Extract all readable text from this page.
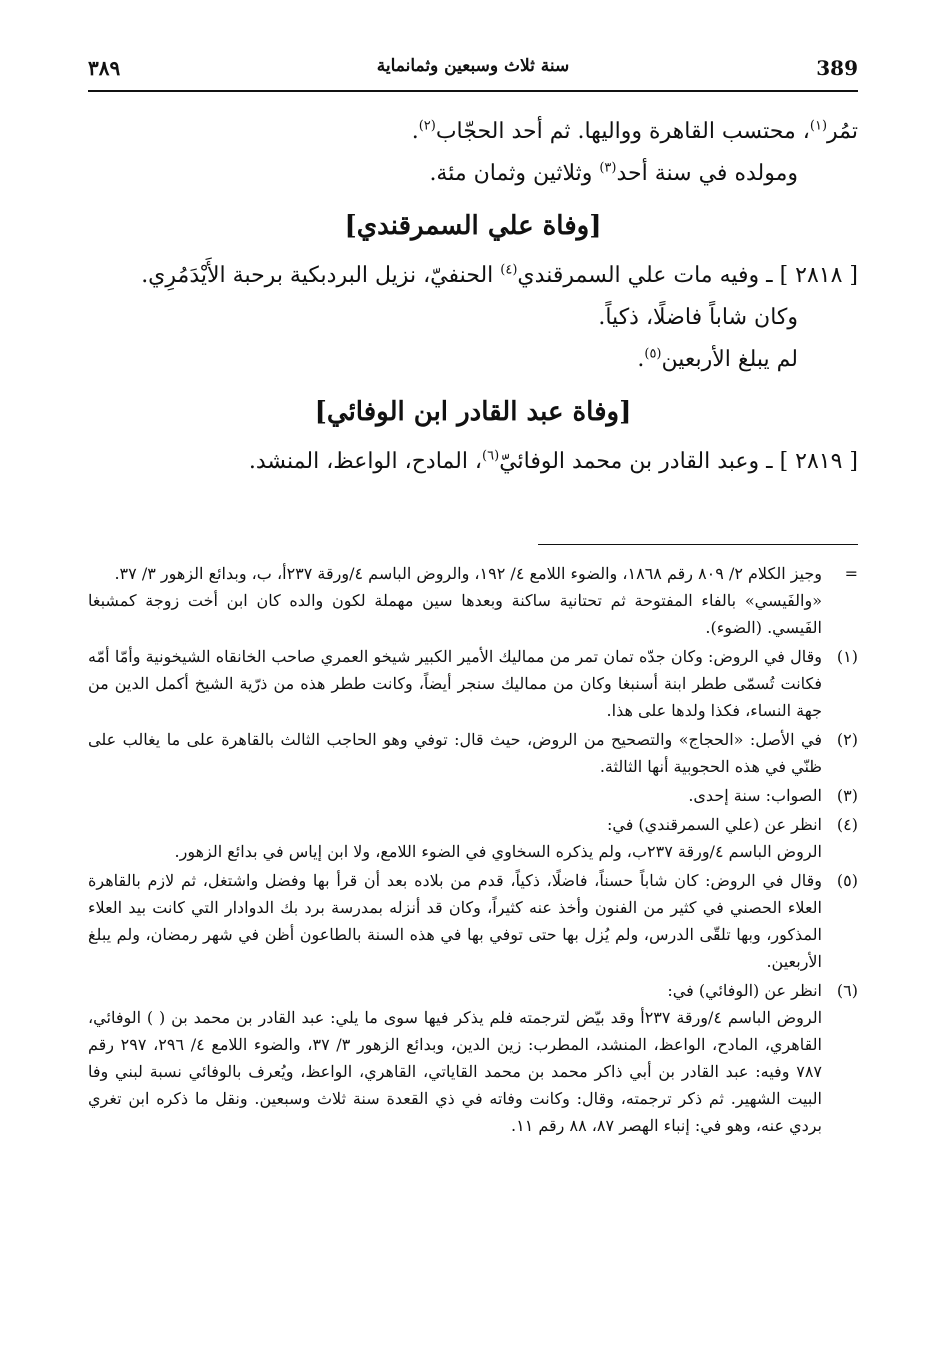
389
سنة ثلاث وسبعين وثمانماية
٣٨٩
تمُر$^{(١)}$، محتسب القاهرة وواليها. ثم أحد الحجّاب$^{(٢)}$.
ومولده في سنة أحد$^{(٣)}$ وثلاثين وثمان مئة.
[وفاة علي السمرقندي]
[ ٢٨١٨ ] ـ وفيه مات علي السمرقندي$^{(٤)}$ الحنفيّ، نزيل البردبكية برحبة الأَيْدَمُرِي.
وكان شاباً فاضلًا، ذكياً.
لم يبلغ الأربعين$^{(٥)}$.
[وفاة عبد القادر ابن الوفائي]
[ ٢٨١٩ ] ـ وعبد القادر بن محمد الوفائيّ$^{(٦)}$، المادح، الواعظ، المنشد.
=

وجيز الكلام ٢/ ٨٠٩ رقم ١٨٦٨، والضوء اللامع ٤/ ١٩٢، والروض الباسم ٤/ورقة ٢٣٧أ، ب، وبدائع الزهور ٣/ ٣٧.

«والفَيسي» بالفاء المفتوحة ثم تحتانية ساكنة وبعدها سين مهملة لكون والده كان ابن أخت زوجة كمشبغا الفَيسي. (الضوء).

(١)

وقال في الروض: وكان جدّه تمان تمر من مماليك الأمير الكبير شيخو العمري صاحب الخانقاه الشيخونية وأمّا أمّه فكانت تُسمّى ططر ابنة أسنبغا وكان من مماليك سنجر أيضاً، وكانت ططر هذه من ذرّية الشيخ أكمل الدين من جهة النساء، فكذا ولدها على هذا.

(٢)

في الأصل: «الحجاج» والتصحيح من الروض، حيث قال: توفي وهو الحاجب الثالث بالقاهرة على ما يغالب على ظنّي في هذه الحجوبية أنها الثالثة.

(٣)

الصواب: سنة إحدى.

(٤)

انظر عن (علي السمرقندي) في:

الروض الباسم ٤/ورقة ٢٣٧ب، ولم يذكره السخاوي في الضوء اللامع، ولا ابن إياس في بدائع الزهور.

(٥)

وقال في الروض: كان شاباً حسناً، فاضلًا، ذكياً، قدم من بلاده بعد أن قرأ بها وفضل واشتغل، ثم لازم بالقاهرة العلاء الحصني في كثير من الفنون وأخذ عنه كثيراً، وكان قد أنزله بمدرسة برد بك الدوادار التي كانت بيد العلاء المذكور، وبها تلقّى الدرس، ولم يُزل بها حتى توفي بها في هذه السنة بالطاعون أظن في شهر رمضان، ولم يبلغ الأربعين.

(٦)

انظر عن (الوفائي) في:

الروض الباسم ٤/ورقة ٢٣٧أ وقد بيّض لترجمته فلم يذكر فيها سوى ما يلي: عبد القادر بن محمد بن ( ) الوفائي، القاهري، المادح، الواعظ، المنشد، المطرب: زين الدين، وبدائع الزهور ٣/ ٣٧، والضوء اللامع ٤/ ٢٩٦، ٢٩٧ رقم ٧٨٧ وفيه: عبد القادر بن أبي ذاكر محمد بن محمد القاياتي، القاهري، الواعظ، ويُعرف بالوفائي نسبة لبني وفا البيت الشهير. ثم ذكر ترجمته، وقال: وكانت وفاته في ذي القعدة سنة ثلاث وسبعين. ونقل ما ذكره ابن تغري بردي عنه، وهو في: إنباء الهصر ٨٧، ٨٨ رقم ١١.
